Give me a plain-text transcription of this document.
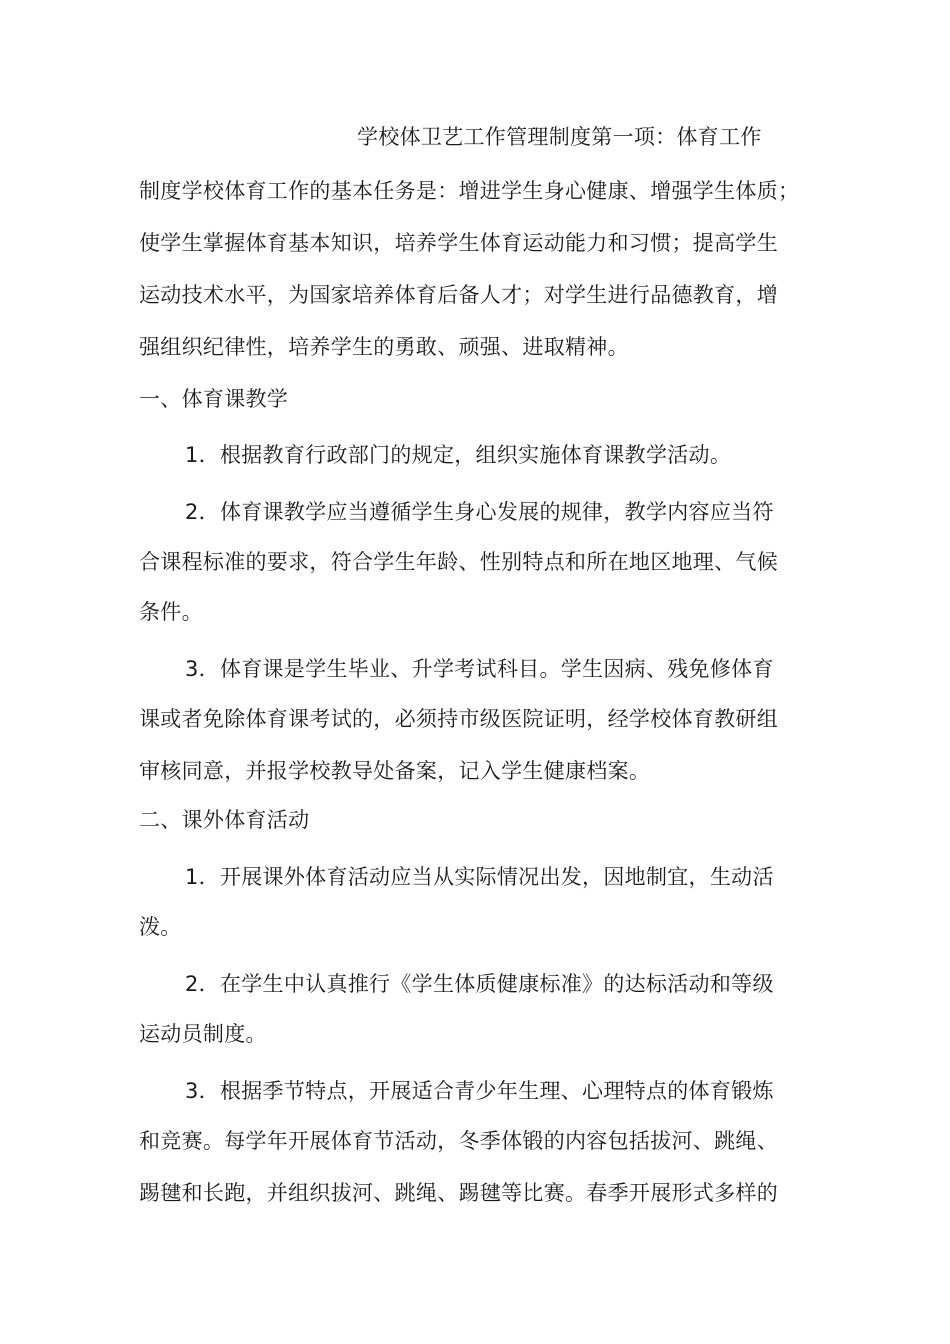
学校体卫艺工作管理制度第一项：体育工作
制度学校体育工作的基本任务是：增进学生身心健康、增强学生体质；
使学生掌握体育基本知识，培养学生体育运动能力和习惯；提高学生
运动技术水平，为国家培养体育后备人才；对学生进行品德教育，增
强组织纪律性，培养学生的勇敢、顽强、进取精神。
一、体育课教学
1．根据教育行政部门的规定，组织实施体育课教学活动。
2．体育课教学应当遵循学生身心发展的规律，教学内容应当符
合课程标准的要求，符合学生年龄、性别特点和所在地区地理、气候
条件。
3．体育课是学生毕业、升学考试科目。学生因病、残免修体育
课或者免除体育课考试的，必须持市级医院证明，经学校体育教研组
审核同意，并报学校教导处备案，记入学生健康档案。
二、课外体育活动
1．开展课外体育活动应当从实际情况出发，因地制宜，生动活
泼。
2．在学生中认真推行《学生体质健康标准》的达标活动和等级
运动员制度。
3．根据季节特点，开展适合青少年生理、心理特点的体育锻炼
和竞赛。每学年开展体育节活动，冬季体锻的内容包括拔河、跳绳、
踢毽和长跑，并组织拔河、跳绳、踢毽等比赛。春季开展形式多样的
